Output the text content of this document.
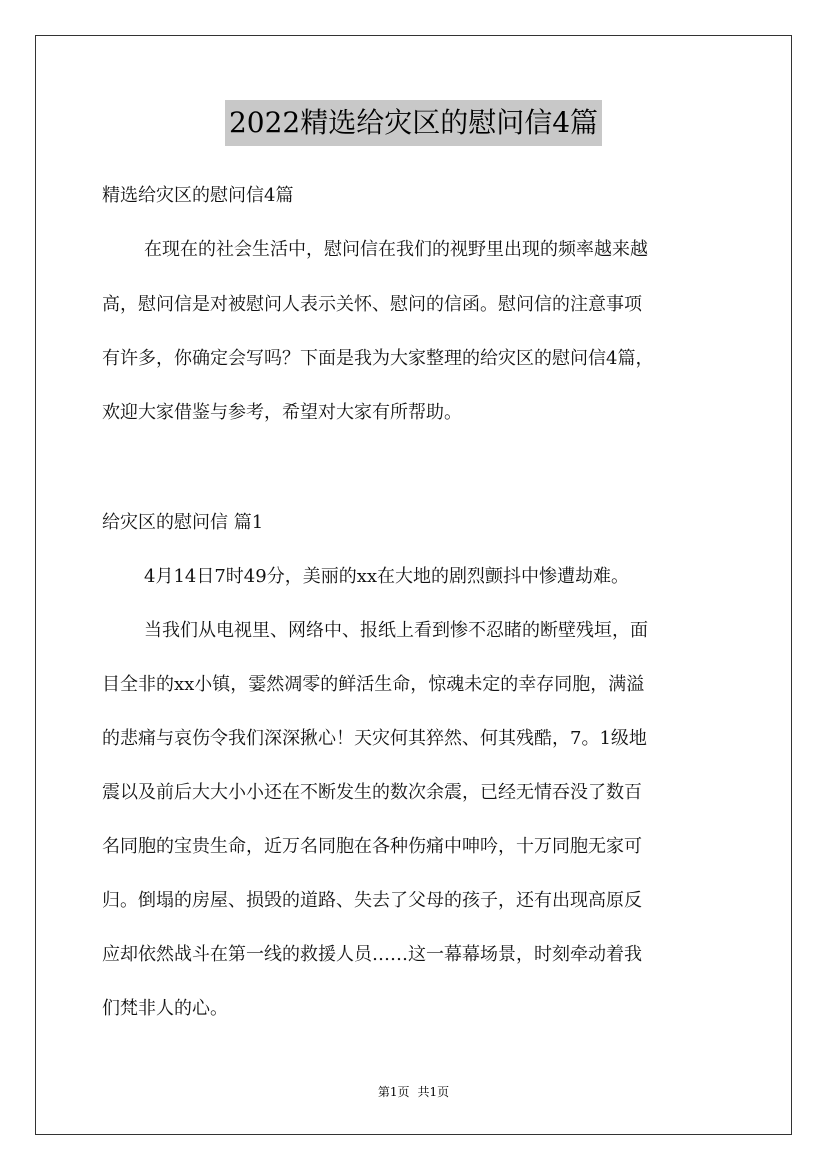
2022精选给灾区的慰问信4篇
精选给灾区的慰问信4篇
在现在的社会生活中，慰问信在我们的视野里出现的频率越来越
高，慰问信是对被慰问人表示关怀、慰问的信函。慰问信的注意事项
有许多，你确定会写吗？下面是我为大家整理的给灾区的慰问信4篇，
欢迎大家借鉴与参考，希望对大家有所帮助。
给灾区的慰问信 篇1
4月14日7时49分，美丽的xx在大地的剧烈颤抖中惨遭劫难。
当我们从电视里、网络中、报纸上看到惨不忍睹的断壁残垣，面
目全非的xx小镇，霎然凋零的鲜活生命，惊魂未定的幸存同胞，满溢
的悲痛与哀伤令我们深深揪心！天灾何其猝然、何其残酷，7。1级地
震以及前后大大小小还在不断发生的数次余震，已经无情吞没了数百
名同胞的宝贵生命，近万名同胞在各种伤痛中呻吟，十万同胞无家可
归。倒塌的房屋、损毁的道路、失去了父母的孩子，还有出现高原反
应却依然战斗在第一线的救援人员……这一幕幕场景，时刻牵动着我
们梵非人的心。
第1页 共1页
